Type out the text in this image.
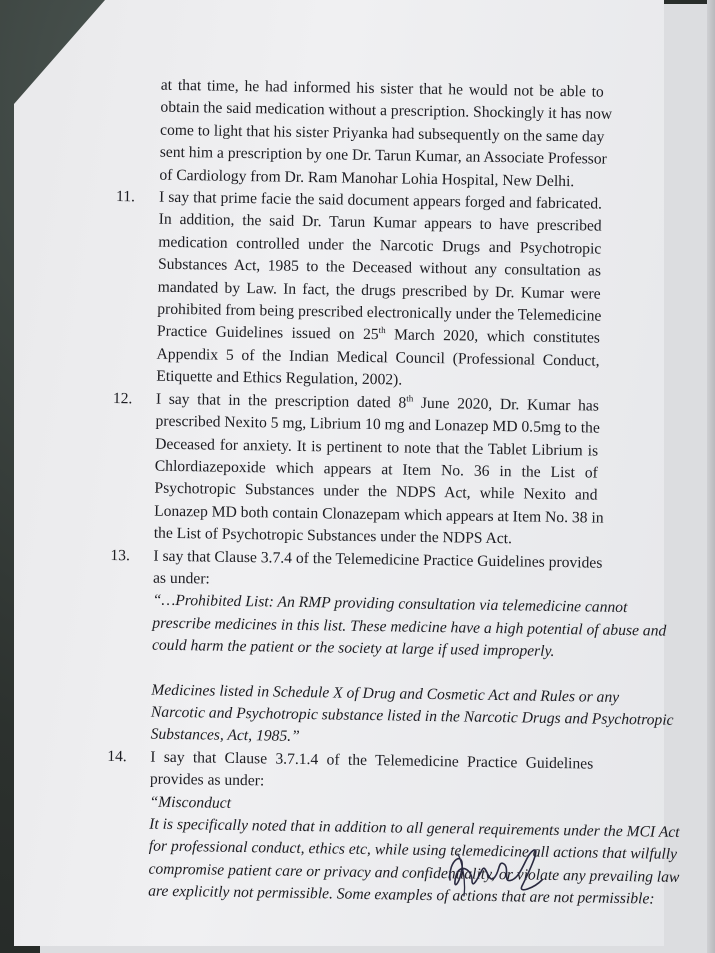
at that time, he had informed his sister that he would not be able to
obtain the said medication without a prescription. Shockingly it has now
come to light that his sister Priyanka had subsequently on the same day
sent him a prescription by one Dr. Tarun Kumar, an Associate Professor
of Cardiology from Dr. Ram Manohar Lohia Hospital, New Delhi.
11. I say that prime facie the said document appears forged and fabricated.
In addition, the said Dr. Tarun Kumar appears to have prescribed
medication controlled under the Narcotic Drugs and Psychotropic
Substances Act, 1985 to the Deceased without any consultation as
mandated by Law. In fact, the drugs prescribed by Dr. Kumar were
prohibited from being prescribed electronically under the Telemedicine
Practice Guidelines issued on 25th March 2020, which constitutes
Appendix 5 of the Indian Medical Council (Professional Conduct,
Etiquette and Ethics Regulation, 2002).
12. I say that in the prescription dated 8th June 2020, Dr. Kumar has
prescribed Nexito 5 mg, Librium 10 mg and Lonazep MD 0.5mg to the
Deceased for anxiety. It is pertinent to note that the Tablet Librium is
Chlordiazepoxide which appears at Item No. 36 in the List of
Psychotropic Substances under the NDPS Act, while Nexito and
Lonazep MD both contain Clonazepam which appears at Item No. 38 in
the List of Psychotropic Substances under the NDPS Act.
13. I say that Clause 3.7.4 of the Telemedicine Practice Guidelines provides
as under:
“…Prohibited List: An RMP providing consultation via telemedicine cannot
prescribe medicines in this list. These medicine have a high potential of abuse and
could harm the patient or the society at large if used improperly.
Medicines listed in Schedule X of Drug and Cosmetic Act and Rules or any
Narcotic and Psychotropic substance listed in the Narcotic Drugs and Psychotropic
Substances, Act, 1985.”
14. I say that Clause 3.7.1.4 of the Telemedicine Practice Guidelines
provides as under:
“Misconduct
It is specifically noted that in addition to all general requirements under the MCI Act
for professional conduct, ethics etc, while using telemedicine all actions that wilfully
compromise patient care or privacy and confidentiality, or violate any prevailing law
are explicitly not permissible. Some examples of actions that are not permissible:
